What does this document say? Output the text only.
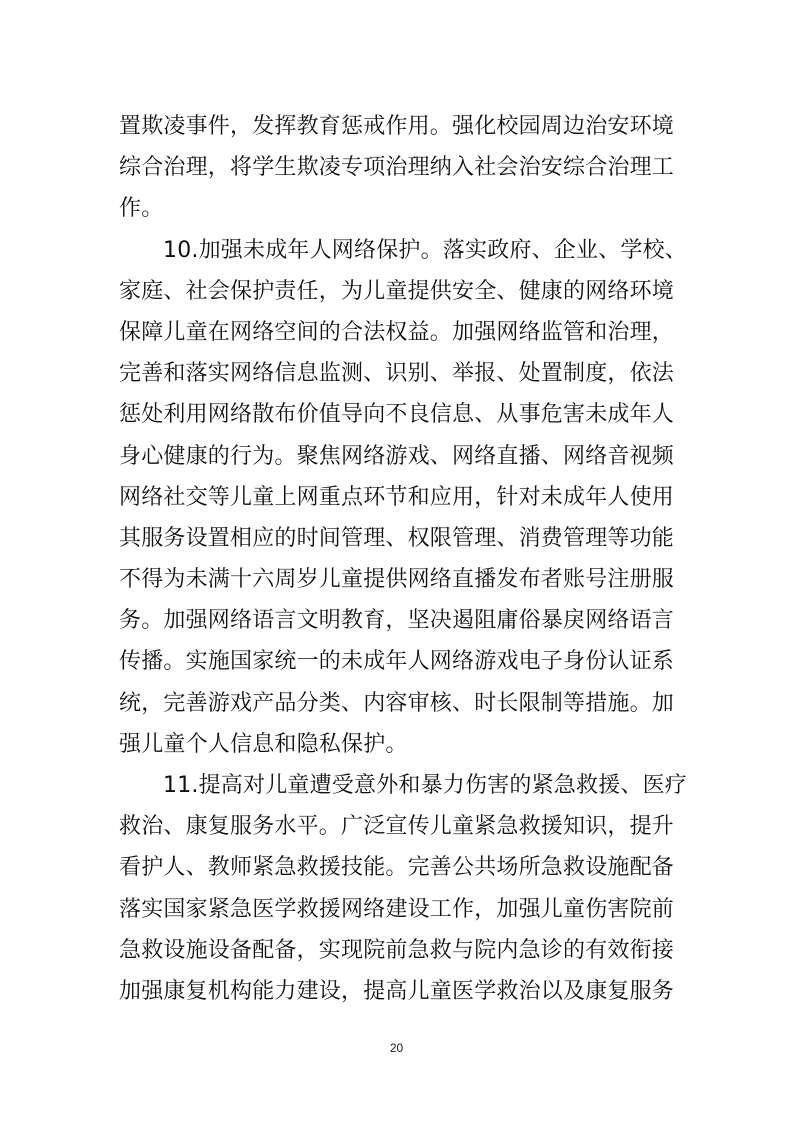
置欺凌事件，发挥教育惩戒作用。强化校园周边治安环境
综合治理，将学生欺凌专项治理纳入社会治安综合治理工
作。
10.加强未成年人网络保护。落实政府、企业、学校、
家庭、社会保护责任，为儿童提供安全、健康的网络环境
保障儿童在网络空间的合法权益。加强网络监管和治理，
完善和落实网络信息监测、识别、举报、处置制度，依法
惩处利用网络散布价值导向不良信息、从事危害未成年人
身心健康的行为。聚焦网络游戏、网络直播、网络音视频
网络社交等儿童上网重点环节和应用，针对未成年人使用
其服务设置相应的时间管理、权限管理、消费管理等功能
不得为未满十六周岁儿童提供网络直播发布者账号注册服
务。加强网络语言文明教育，坚决遏阻庸俗暴戾网络语言
传播。实施国家统一的未成年人网络游戏电子身份认证系
统，完善游戏产品分类、内容审核、时长限制等措施。加
强儿童个人信息和隐私保护。
11.提高对儿童遭受意外和暴力伤害的紧急救援、医疗
救治、康复服务水平。广泛宣传儿童紧急救援知识，提升
看护人、教师紧急救援技能。完善公共场所急救设施配备
落实国家紧急医学救援网络建设工作，加强儿童伤害院前
急救设施设备配备，实现院前急救与院内急诊的有效衔接
加强康复机构能力建设，提高儿童医学救治以及康复服务
20
